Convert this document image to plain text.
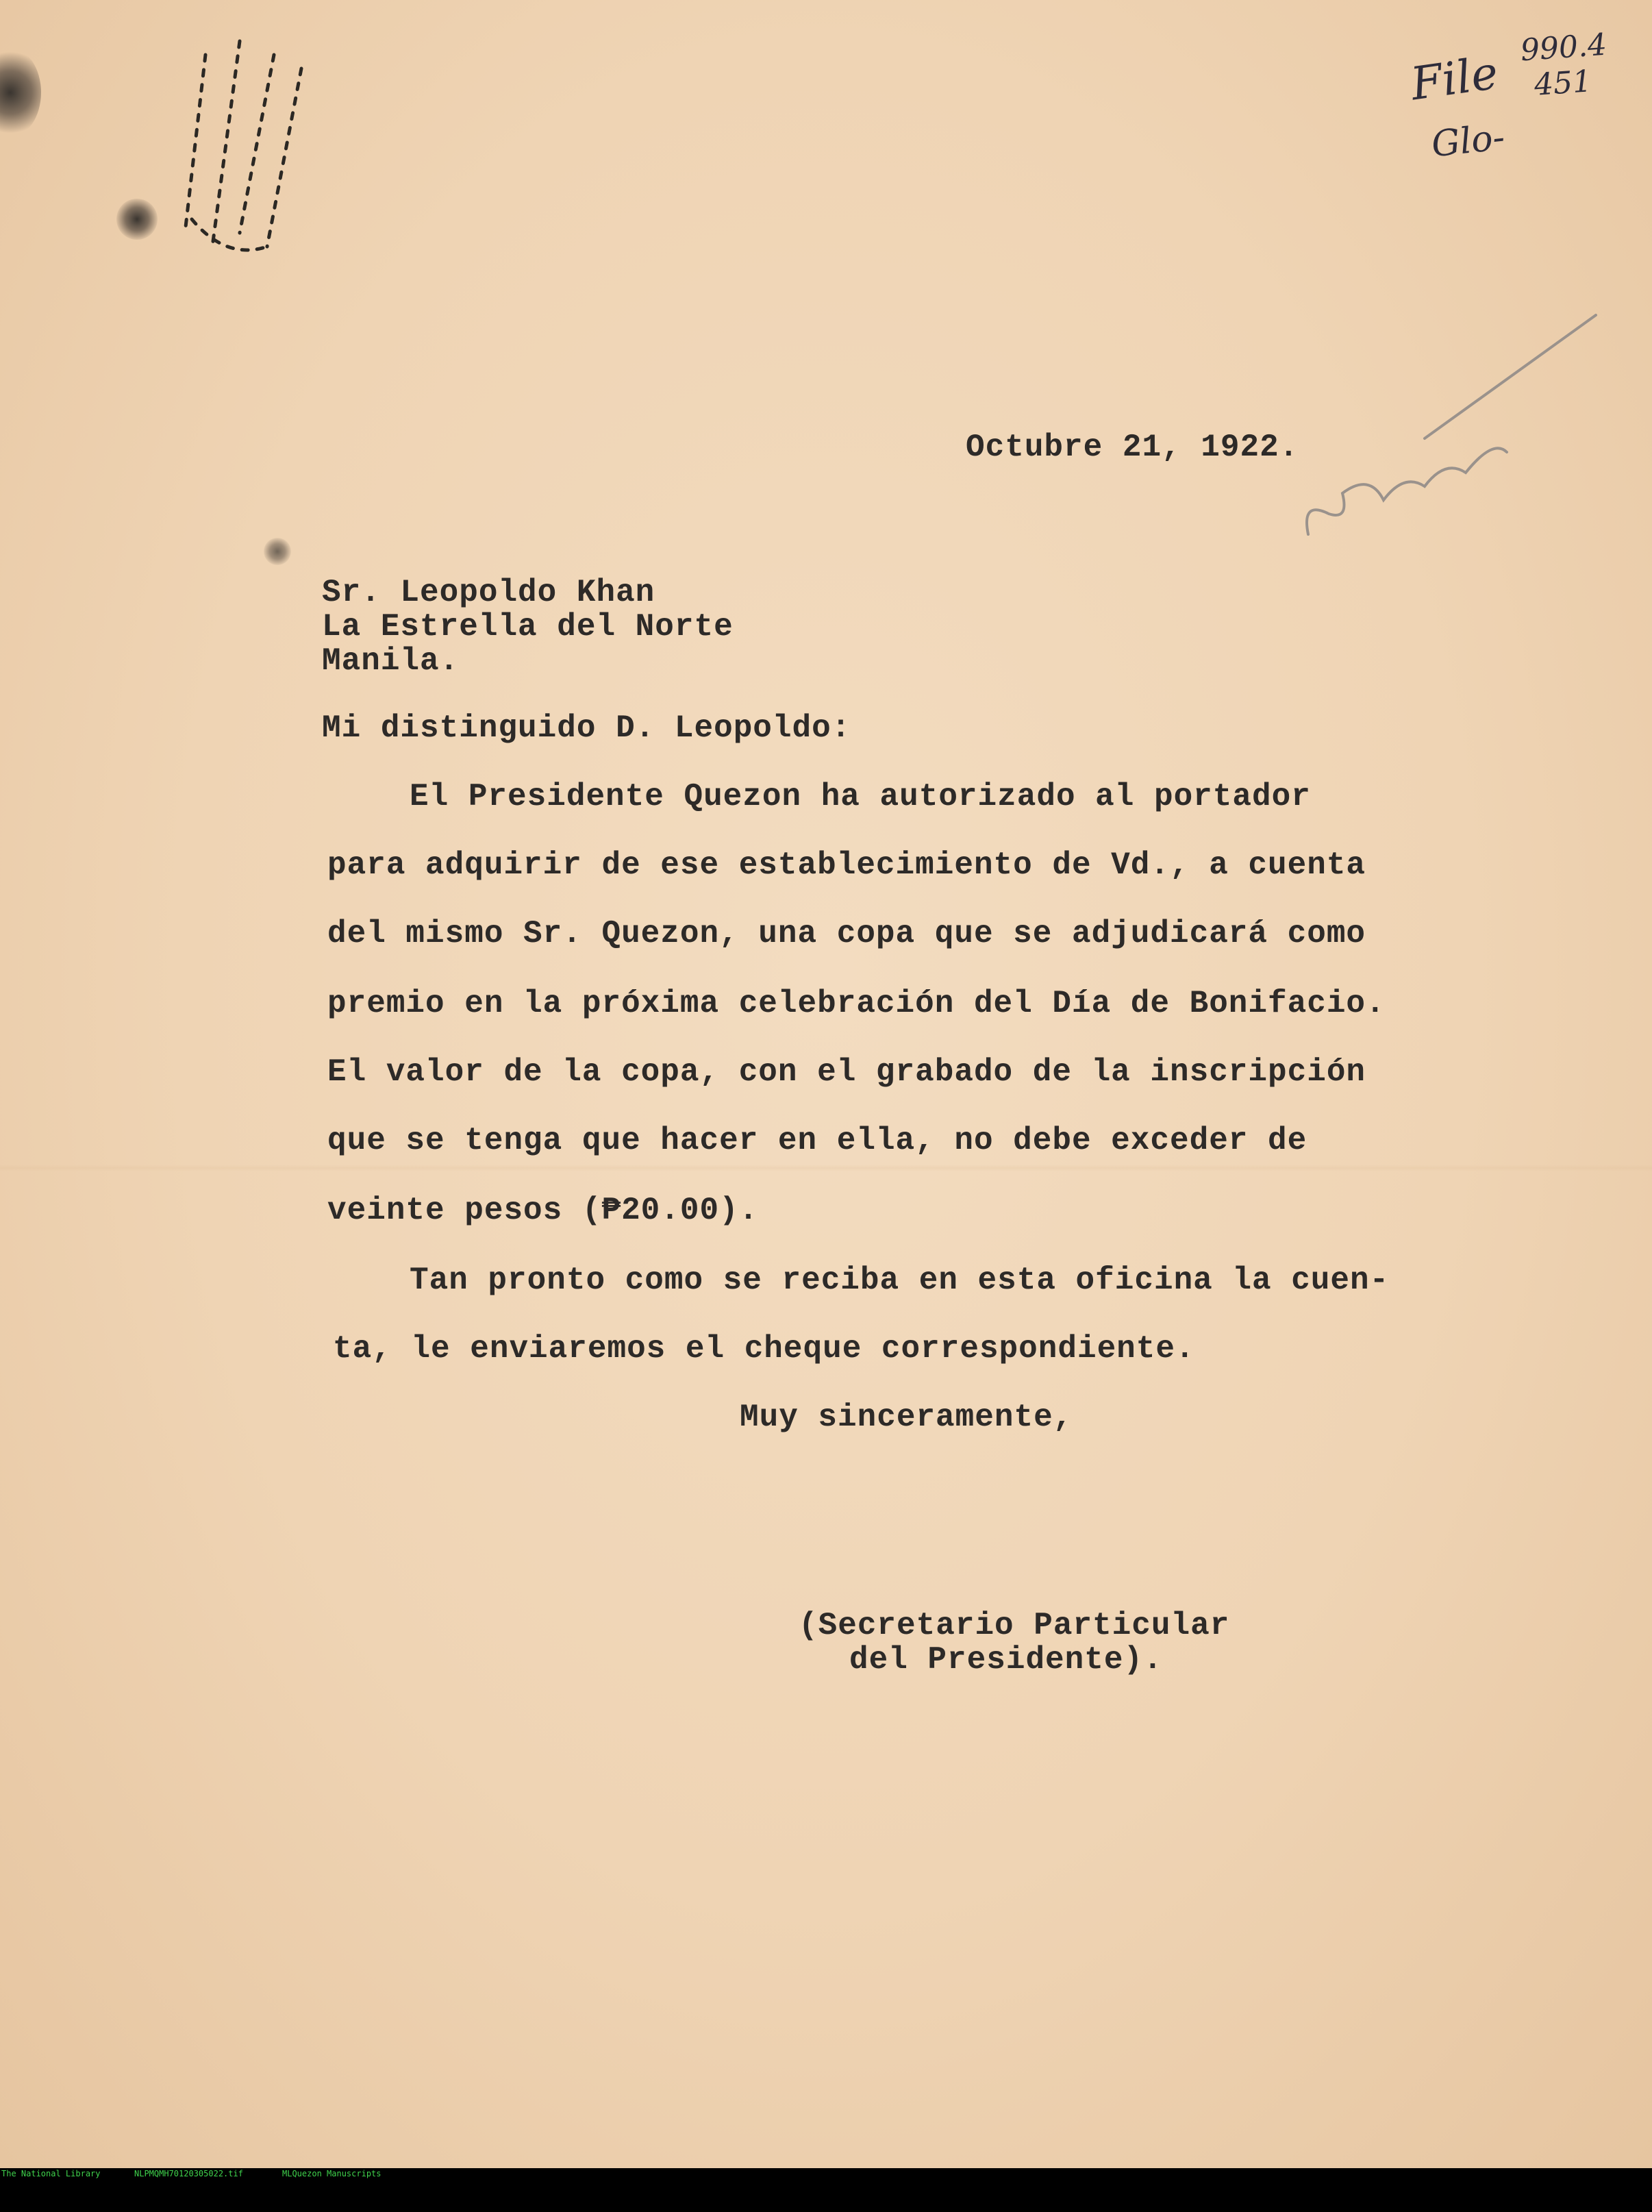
File 990.4
451
Glo-
Octubre 21, 1922.
Sr. Leopoldo Khan
La Estrella del Norte
Manila.
Mi distinguido D. Leopoldo:
El Presidente Quezon ha autorizado al portador
para adquirir de ese establecimiento de Vd., a cuenta
del mismo Sr. Quezon, una copa que se adjudicará como
premio en la próxima celebración del Día de Bonifacio.
El valor de la copa, con el grabado de la inscripción
que se tenga que hacer en ella, no debe exceder de
veinte pesos (₱20.00).
Tan pronto como se reciba en esta oficina la cuen-
ta, le enviaremos el cheque correspondiente.
Muy sinceramente,
(Secretario Particular
del Presidente).

The National Library

	NLPMQMH70120305022.tif

	MLQuezon Manuscripts
